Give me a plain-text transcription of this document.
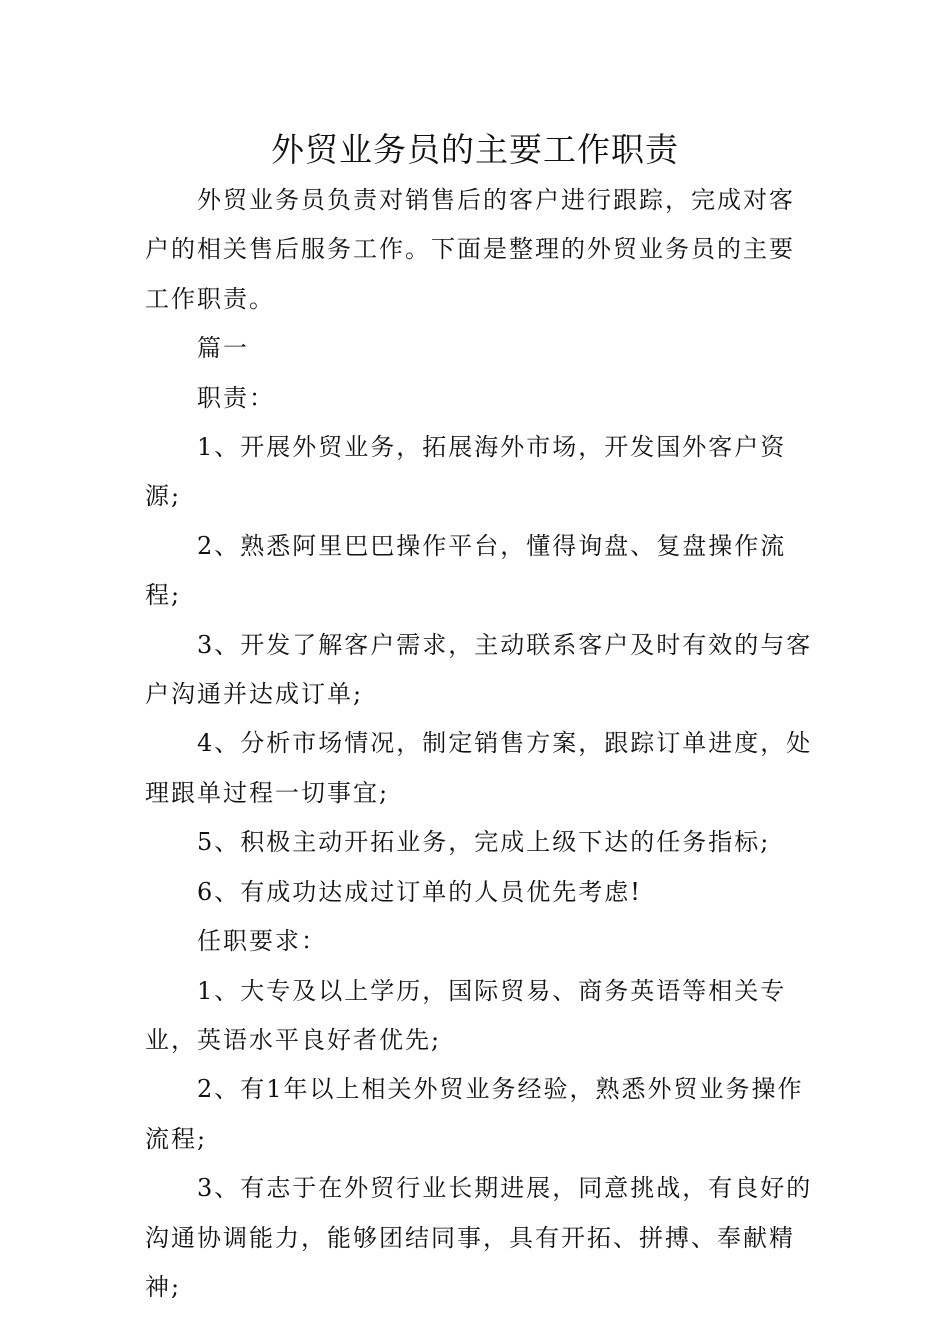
外贸业务员的主要工作职责

外贸业务员负责对销售后的客户进行跟踪，完成对客户的相关售后服务工作。下面是整理的外贸业务员的主要工作职责。

篇一

职责：

1、开展外贸业务，拓展海外市场，开发国外客户资源;

2、熟悉阿里巴巴操作平台，懂得询盘、复盘操作流程;

3、开发了解客户需求，主动联系客户及时有效的与客户沟通并达成订单;

4、分析市场情况，制定销售方案，跟踪订单进度，处理跟单过程一切事宜;

5、积极主动开拓业务，完成上级下达的任务指标;

6、有成功达成过订单的人员优先考虑!

任职要求：

1、大专及以上学历，国际贸易、商务英语等相关专业，英语水平良好者优先;

2、有1年以上相关外贸业务经验，熟悉外贸业务操作流程;

3、有志于在外贸行业长期进展，同意挑战，有良好的沟通协调能力，能够团结同事，具有开拓、拼搏、奉献精神;
